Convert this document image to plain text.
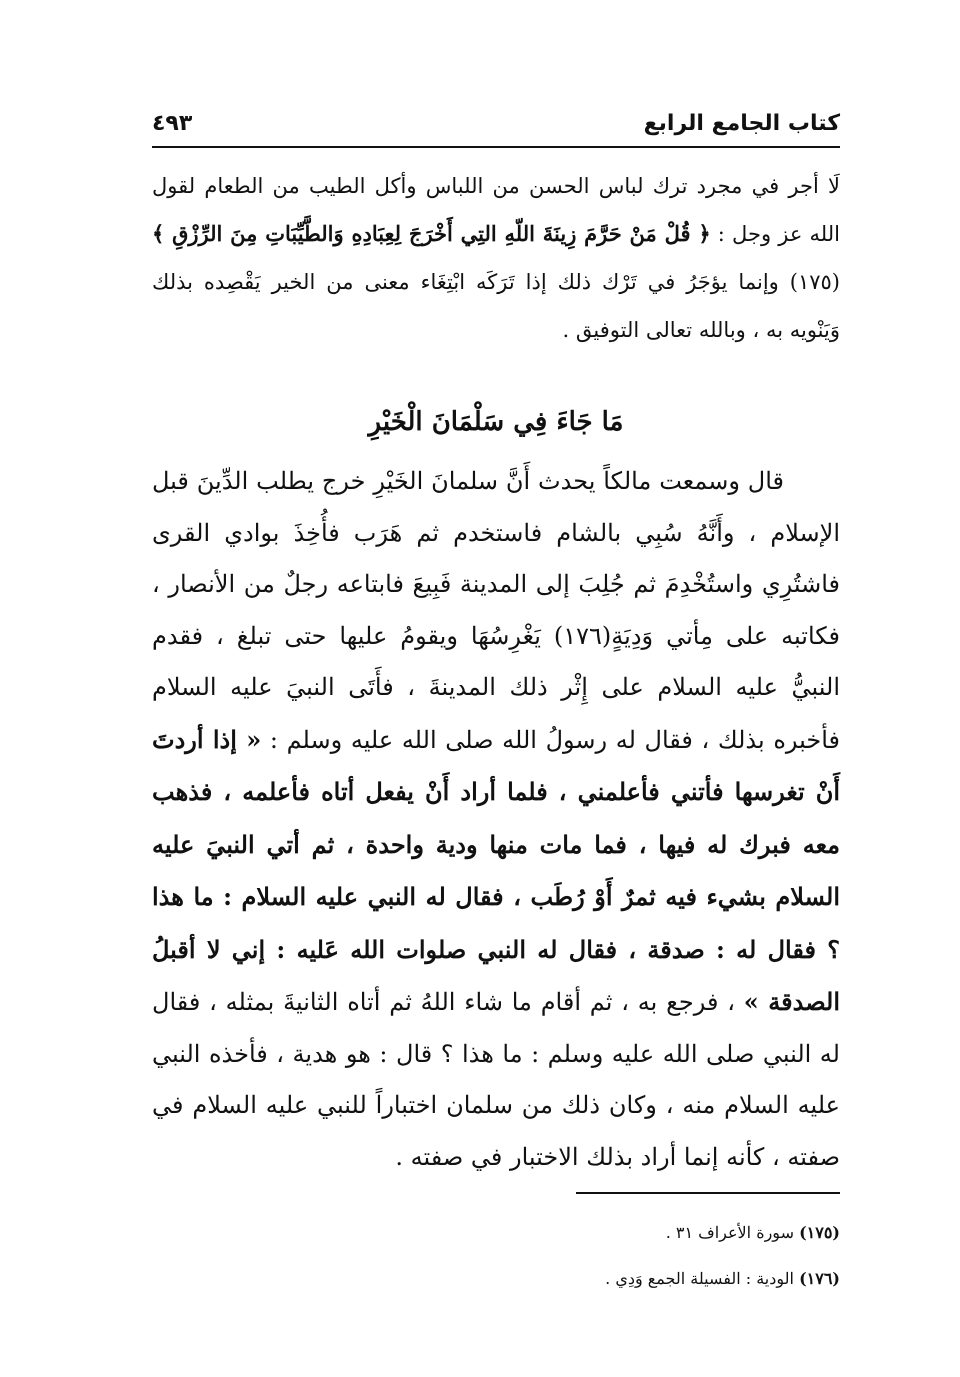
كتاب الجامع الرابع
٤٩٣

لَا أجر في مجرد ترك لباس الحسن من اللباس وأكل الطيب من الطعام لقول الله عز وجل : ﴿ قُلْ مَنْ حَرَّمَ زِينَةَ اللّهِ التِي أَخْرَجَ لِعِبَادِهِ وَالطَّيِّبَاتِ مِنَ الرِّزْقِ ﴾(١٧٥) وإنما يؤجَرُ في تَرْك ذلك إذا تَرَكَه ابْتِغَاء معنى من الخير يَقْصِده بذلك وَيَنْويه به ، وبالله تعالى التوفيق .

مَا جَاءَ فِي سَلْمَانَ الْخَيْرِ

قال وسمعت مالكاً يحدث أَنَّ سلمانَ الخَيْرِ خرج يطلب الدِّينَ قبل الإسلام ، وأَنَّهُ سُبِي بالشام فاستخدم ثم هَرَب فأُخِذَ بوادي القرى فاشتُرِي واستُخْدِمَ ثم جُلِبَ إلى المدينة فَبِيعَ فابتاعه رجلٌ من الأنصار ، فكاتبه على مِأتي وَدِيَةٍ(١٧٦) يَغْرِسُهَا ويقومُ عليها حتى تبلغ ، فقدم النبيُّ عليه السلام على إِثْر ذلك المدينةَ ، فأَتَى النبيَ عليه السلام فأخبره بذلك ، فقال له رسولُ الله صلى الله عليه وسلم : « إذا أردتَ أَنْ تغرسها فأتني فأعلمني ، فلما أراد أَنْ يفعل أتاه فأعلمه ، فذهب معه فبرك له فيها ، فما مات منها ودية واحدة ، ثم أتي النبيَ عليه السلام بشيء فيه ثمرٌ أَوْ رُطَب ، فقال له النبي عليه السلام : ما هذا ؟ فقال له : صدقة ، فقال له النبي صلوات الله عَليه : إني لا أقبلُ الصدقة » ، فرجع به ، ثم أقام ما شاء اللهُ ثم أتاه الثانيةَ بمثله ، فقال له النبي صلى الله عليه وسلم : ما هذا ؟ قال : هو هدية ، فأخذه النبي عليه السلام منه ، وكان ذلك من سلمان اختباراً للنبي عليه السلام في صفته ، كأنه إنما أراد بذلك الاختبار في صفته .

(١٧٥) سورة الأعراف ٣١ .

(١٧٦) الودية : الفسيلة الجمع وَدِي .
